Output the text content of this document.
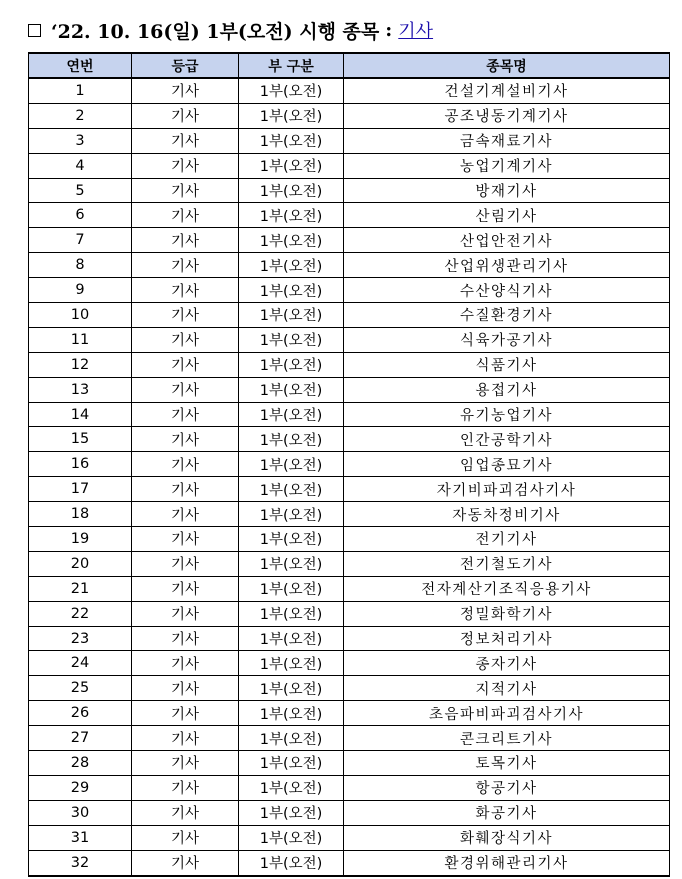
‘22. 10. 16(일) 1부(오전) 시행 종목 : 기사
연번	등급	부 구분	종목명
1	기사	1부(오전)	건설기계설비기사
2	기사	1부(오전)	공조냉동기계기사
3	기사	1부(오전)	금속재료기사
4	기사	1부(오전)	농업기계기사
5	기사	1부(오전)	방재기사
6	기사	1부(오전)	산림기사
7	기사	1부(오전)	산업안전기사
8	기사	1부(오전)	산업위생관리기사
9	기사	1부(오전)	수산양식기사
10	기사	1부(오전)	수질환경기사
11	기사	1부(오전)	식육가공기사
12	기사	1부(오전)	식품기사
13	기사	1부(오전)	용접기사
14	기사	1부(오전)	유기농업기사
15	기사	1부(오전)	인간공학기사
16	기사	1부(오전)	임업종묘기사
17	기사	1부(오전)	자기비파괴검사기사
18	기사	1부(오전)	자동차정비기사
19	기사	1부(오전)	전기기사
20	기사	1부(오전)	전기철도기사
21	기사	1부(오전)	전자계산기조직응용기사
22	기사	1부(오전)	정밀화학기사
23	기사	1부(오전)	정보처리기사
24	기사	1부(오전)	종자기사
25	기사	1부(오전)	지적기사
26	기사	1부(오전)	초음파비파괴검사기사
27	기사	1부(오전)	콘크리트기사
28	기사	1부(오전)	토목기사
29	기사	1부(오전)	항공기사
30	기사	1부(오전)	화공기사
31	기사	1부(오전)	화훼장식기사
32	기사	1부(오전)	환경위해관리기사
